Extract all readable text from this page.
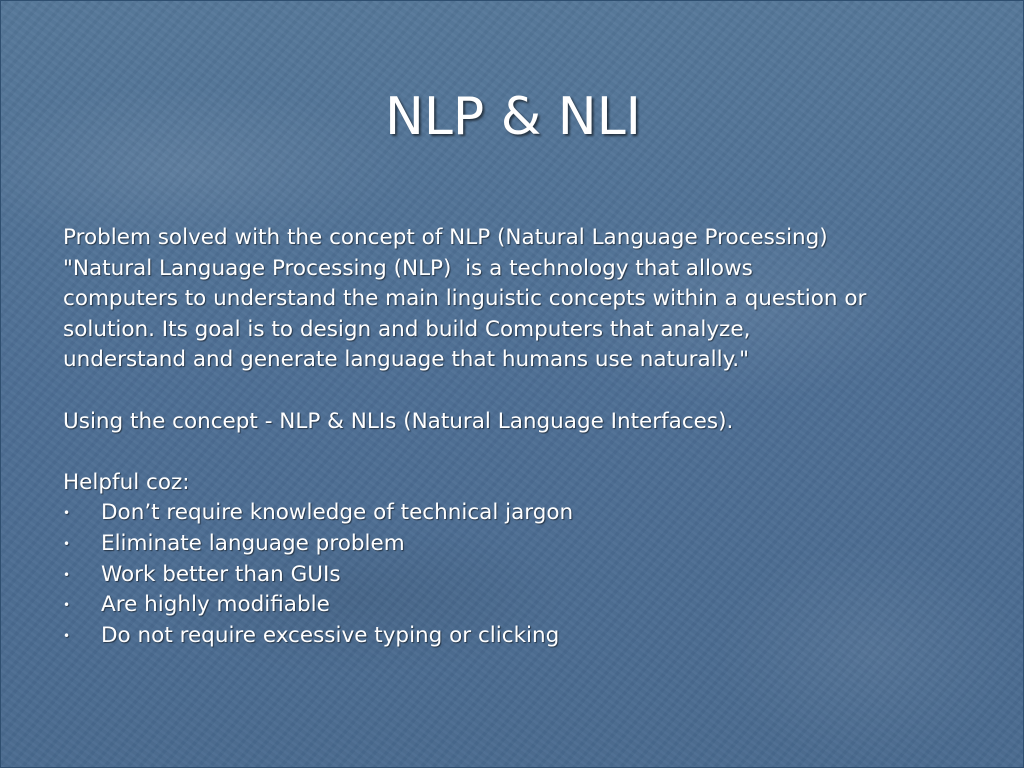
NLP & NLI

Problem solved with the concept of NLP (Natural Language Processing)
"Natural Language Processing (NLP)  is a technology that allows
computers to understand the main linguistic concepts within a question or
solution. Its goal is to design and build Computers that analyze,
understand and generate language that humans use naturally."

Using the concept - NLP & NLIs (Natural Language Interfaces).

Helpful coz:

• Don’t require knowledge of technical jargon
• Eliminate language problem
• Work better than GUIs
• Are highly modifiable
• Do not require excessive typing or clicking
